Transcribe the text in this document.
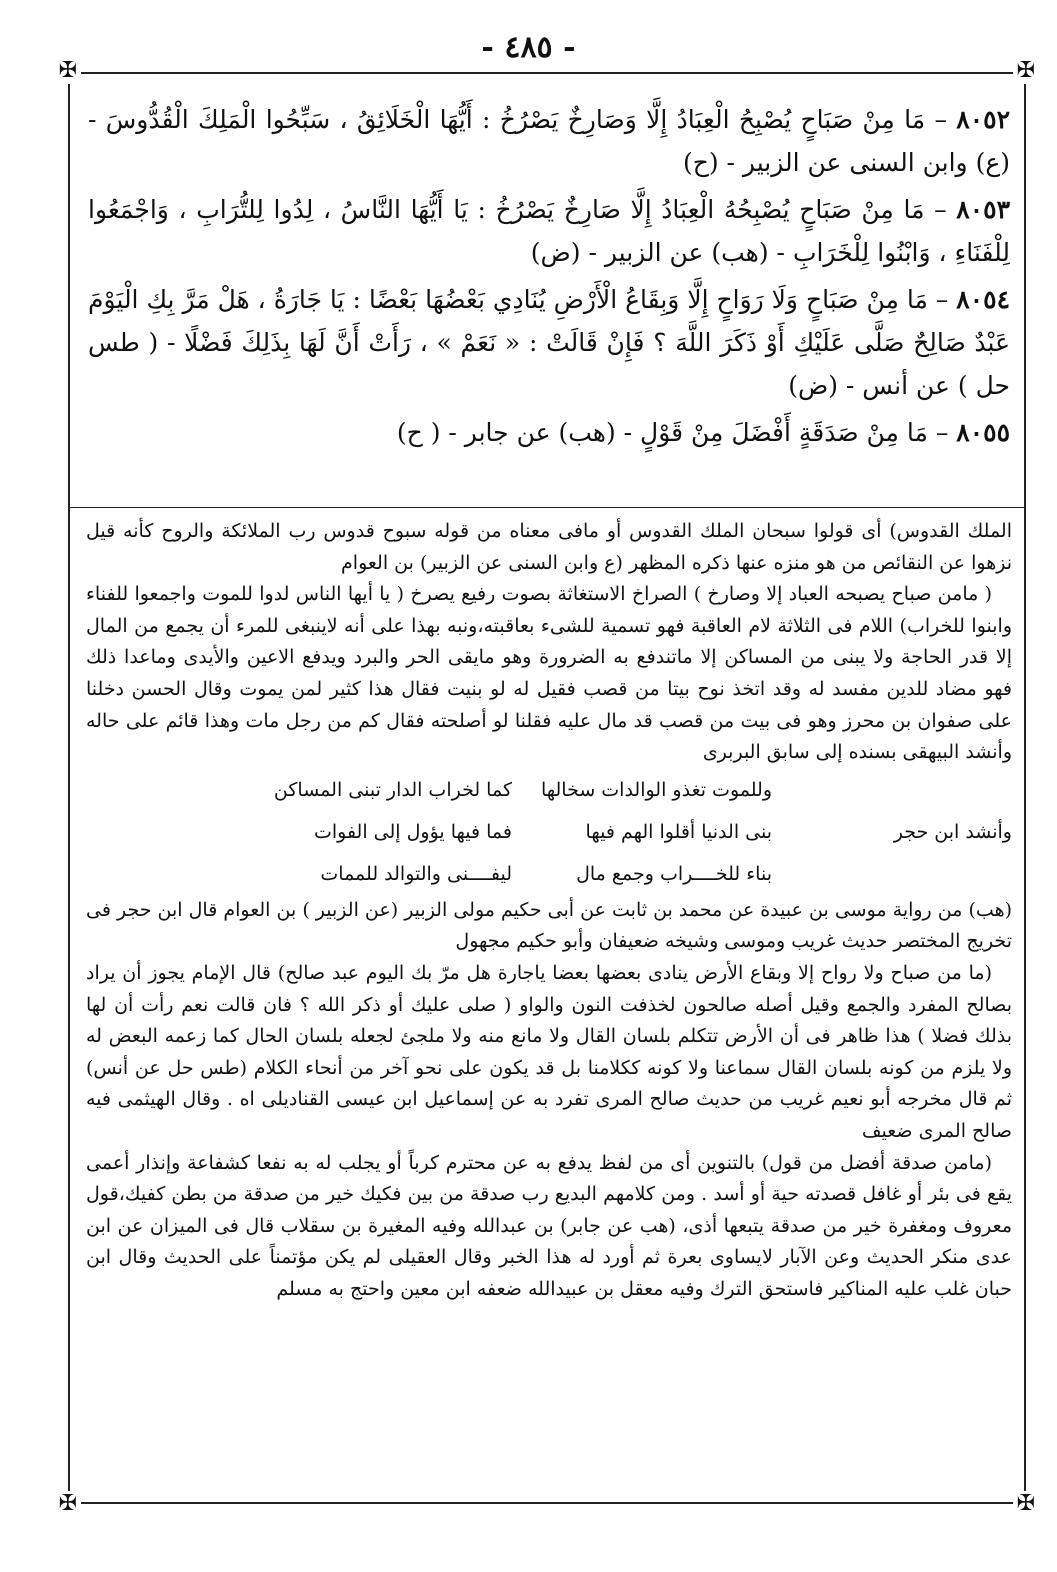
- ٤٨٥ -
✠	✠
✠	✠

٨٠٥٢ – مَا مِنْ صَبَاحٍ يُصْبِحُ الْعِبَادُ إِلَّا وَصَارِخٌ يَصْرُخُ : أَيُّهَا الْخَلَائِقُ ، سَبِّحُوا الْمَلِكَ الْقُدُّوسَ - (ع) وابن السنى عن الزبير - (ح)

٨٠٥٣ – مَا مِنْ صَبَاحٍ يُصْبِحُهُ الْعِبَادُ إِلَّا صَارِخٌ يَصْرُخُ : يَا أَيُّهَا النَّاسُ ، لِدُوا لِلتُّرَابِ ، وَاجْمَعُوا لِلْفَنَاءِ ، وَابْنُوا لِلْخَرَابِ - (هب) عن الزبير - (ض)

٨٠٥٤ – مَا مِنْ صَبَاحٍ وَلَا رَوَاحٍ إِلَّا وَبِقَاعُ الْأَرْضِ يُنَادِي بَعْضُهَا بَعْضًا : يَا جَارَةُ ، هَلْ مَرَّ بِكِ الْيَوْمَ عَبْدٌ صَالِحٌ صَلَّى عَلَيْكِ أَوْ ذَكَرَ اللَّهَ ؟ فَإِنْ قَالَتْ : « نَعَمْ » ، رَأَتْ أَنَّ لَهَا بِذَلِكَ فَضْلًا - ( طس حل ) عن أنس - (ض)

٨٠٥٥ – مَا مِنْ صَدَقَةٍ أَفْضَلَ مِنْ قَوْلٍ - (هب) عن جابر - ( ح)

الملك القدوس) أى قولوا سبحان الملك القدوس أو مافى معناه من قوله سبوح قدوس رب الملائكة والروح كأنه قيل نزهوا عن النقائص من هو منزه عنها ذكره المظهر (ع وابن السنى عن الزبير) بن العوام

( مامن صباح يصبحه العباد إلا وصارخ ) الصراخ الاستغاثة بصوت رفيع يصرخ ( يا أيها الناس لدوا للموت واجمعوا للفناء وابنوا للخراب) اللام فى الثلاثة لام العاقبة فهو تسمية للشىء بعاقبته،ونبه بهذا على أنه لاينبغى للمرء أن يجمع من المال إلا قدر الحاجة ولا يبنى من المساكن إلا ماتندفع به الضرورة وهو مايقى الحر والبرد ويدفع الاعين والأيدى وماعدا ذلك فهو مضاد للدين مفسد له وقد اتخذ نوح بيتا من قصب فقيل له لو بنيت فقال هذا كثير لمن يموت وقال الحسن دخلنا على صفوان بن محرز وهو فى بيت من قصب قد مال عليه فقلنا لو أصلحته فقال كم من رجل مات وهذا قائم على حاله وأنشد البيهقى بسنده إلى سابق البربرى

وللموت تغذو الوالدات سخالها
كما لخراب الدار تبنى المساكن
وأنشد ابن حجر
بنى الدنيا أقلوا الهم فيها
فما فيها يؤول إلى الفوات
بناء للخــــراب وجمع مال
ليفــــنى والتوالد للممات

(هب) من رواية موسى بن عبيدة عن محمد بن ثابت عن أبى حكيم مولى الزبير (عن الزبير ) بن العوام قال ابن حجر فى تخريج المختصر حديث غريب وموسى وشيخه ضعيفان وأبو حكيم مجهول

(ما من صباح ولا رواح إلا وبقاع الأرض ينادى بعضها بعضا ياجارة هل مرّ بك اليوم عبد صالح) قال الإمام يجوز أن يراد بصالح المفرد والجمع وقيل أصله صالحون لخذفت النون والواو ( صلى عليك أو ذكر الله ؟ فان قالت نعم رأت أن لها بذلك فضلا ) هذا ظاهر فى أن الأرض تتكلم بلسان القال ولا مانع منه ولا ملجئ لجعله بلسان الحال كما زعمه البعض له ولا يلزم من كونه بلسان القال سماعنا ولا كونه ككلامنا بل قد يكون على نحو آخر من أنحاء الكلام (طس حل عن أنس) ثم قال مخرجه أبو نعيم غريب من حديث صالح المرى تفرد به عن إسماعيل ابن عيسى القناديلى اه . وقال الهيثمى فيه صالح المرى ضعيف

(مامن صدقة أفضل من قول) بالتنوين أى من لفظ يدفع به عن محترم كرباً أو يجلب له به نفعا كشفاعة وإنذار أعمى يقع فى بئر أو غافل قصدته حية أو أسد . ومن كلامهم البديع رب صدقة من بين فكيك خير من صدقة من بطن كفيك،قول معروف ومغفرة خير من صدقة يتبعها أذى، (هب عن جابر) بن عبدالله وفيه المغيرة بن سقلاب قال فى الميزان عن ابن عدى منكر الحديث وعن الآبار لايساوى بعرة ثم أورد له هذا الخبر وقال العقيلى لم يكن مؤتمناً على الحديث وقال ابن حبان غلب عليه المناكير فاستحق الترك وفيه معقل بن عبيدالله ضعفه ابن معين واحتج به مسلم
